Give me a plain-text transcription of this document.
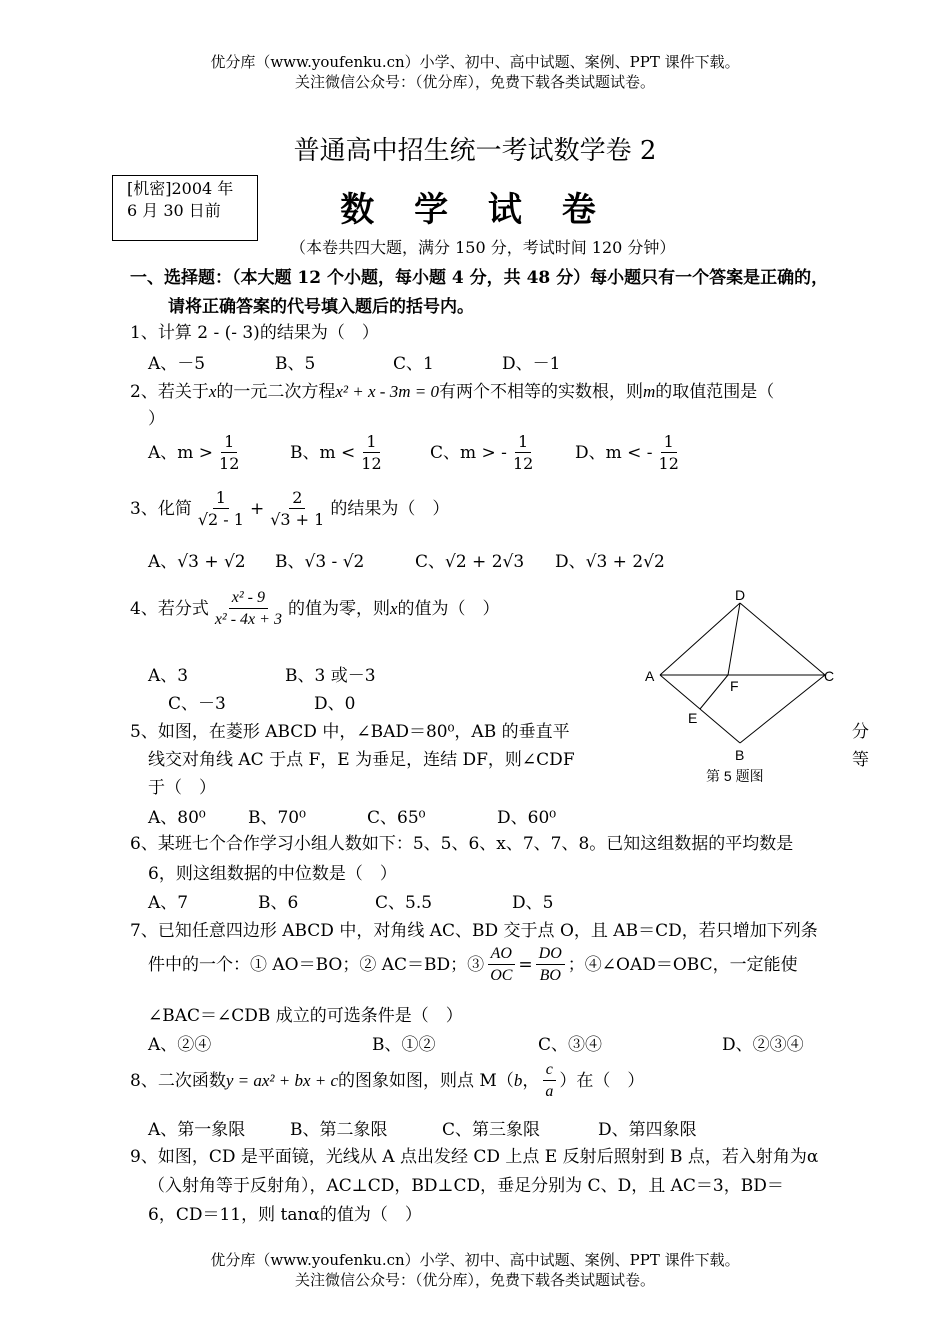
优分库（www.youfenku.cn）小学、初中、高中试题、案例、PPT 课件下载。
关注微信公众号：（优分库），免费下载各类试题试卷。
普通高中招生统一考试数学卷 2
[机密]2004 年
6 月 30 日前	数 学 试 卷
（本卷共四大题，满分 150 分，考试时间 120 分钟）
一、选择题：（本大题 12 个小题，每小题 4 分，共 48 分）每小题只有一个答案是正确的，
请将正确答案的代号填入题后的括号内。
1、计算 2 - (- 3)的结果为（　）
A、－5	B、5	C、1	D、－1
2、若关于x的一元二次方程x² + x - 3m = 0有两个不相等的实数根，则m的取值范围是（
）
A、$m > \frac{1}{12}$	B、$m < \frac{1}{12}$	C、m > - $\frac{1}{12}$ D、m < - $\frac{1}{12}$
3、化简 $\frac{1}{√2 - 1} + \frac{2}{√3 + 1}$ 的结果为（　）
A、√3 + √2 B、√3 - √2	C、√2 + 2√3 D、√3 + 2√2
4、若分式 $\frac{\text{x² - 9}}{\text{x² - 4x + 3}}$ 的值为零，则x的值为（　）
A、3	B、3 或－3
C、－3	D、0
D
A	C
F
E
B
第 5 题图
5、如图，在菱形 ABCD 中，∠BAD＝80⁰，AB 的垂直平	分
线交对角线 AC 于点 F，E 为垂足，连结 DF，则∠CDF	等
于（　）
A、80⁰ B、70⁰	C、65⁰	D、60⁰
6、某班七个合作学习小组人数如下：5、5、6、x、7、7、8。已知这组数据的平均数是
6，则这组数据的中位数是（　）
A、7	B、6	C、5.5	D、5
7、已知任意四边形 ABCD 中，对角线 AC、BD 交于点 O，且 AB＝CD，若只增加下列条
件中的一个：① AO＝BO；② AC＝BD；③ $\frac{AO}{OC} = \frac{DO}{BO}$ ；④∠OAD＝OBC，一定能使
∠BAC＝∠CDB 成立的可选条件是（　）
A、②④	B、①②	C、③④	D、②③④
8、二次函数y = ax² + bx + c的图象如图，则点 M（b， $\frac{c}{a}$ ）在（　）
A、第一象限	B、第二象限	C、第三象限	D、第四象限
9、如图，CD 是平面镜，光线从 A 点出发经 CD 上点 E 反射后照射到 B 点，若入射角为α
（入射角等于反射角），AC⊥CD，BD⊥CD，垂足分别为 C、D，且 AC＝3，BD＝
6，CD＝11，则 tanα的值为（　）
优分库（www.youfenku.cn）小学、初中、高中试题、案例、PPT 课件下载。
关注微信公众号：（优分库），免费下载各类试题试卷。
